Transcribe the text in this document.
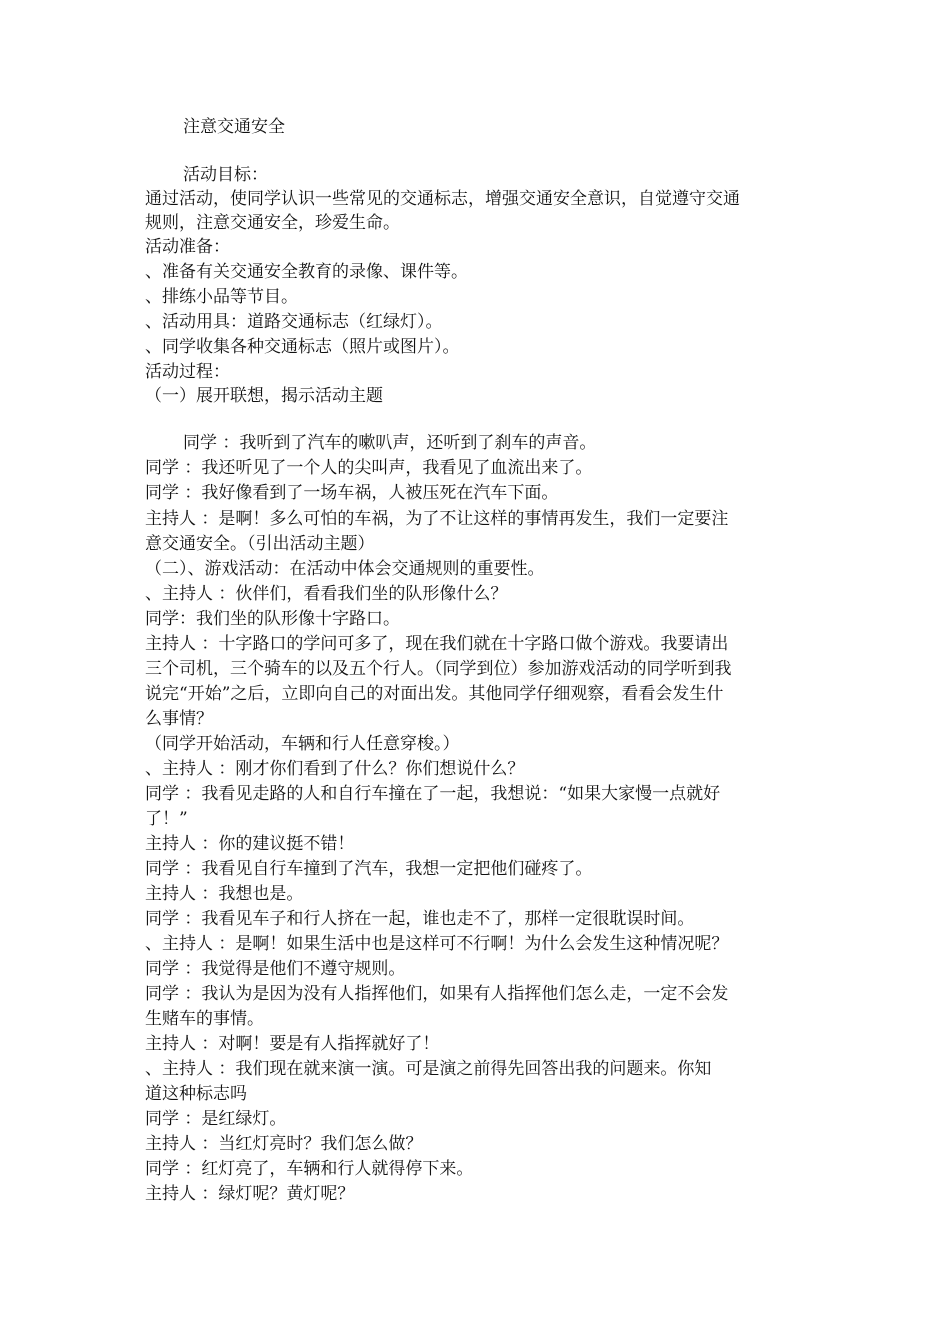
注意交通安全
活动目标：
通过活动，使同学认识一些常见的交通标志，增强交通安全意识，自觉遵守交通
规则，注意交通安全，珍爱生命。
活动准备：
、准备有关交通安全教育的录像、课件等。
、排练小品等节目。
、活动用具：道路交通标志（红绿灯）。
、同学收集各种交通标志（照片或图片）。
活动过程：
（一）展开联想，揭示活动主题
同学 ：我听到了汽车的嗽叭声，还听到了刹车的声音。
同学 ：我还听见了一个人的尖叫声，我看见了血流出来了。
同学 ：我好像看到了一场车祸，人被压死在汽车下面。
主持人 ：是啊！多么可怕的车祸，为了不让这样的事情再发生，我们一定要注
意交通安全。（引出活动主题）
（二）、游戏活动：在活动中体会交通规则的重要性。
、主持人 ：伙伴们，看看我们坐的队形像什么？
同学：我们坐的队形像十字路口。
主持人 ：十字路口的学问可多了，现在我们就在十字路口做个游戏。我要请出
三个司机，三个骑车的以及五个行人。（同学到位）参加游戏活动的同学听到我
说完“开始”之后，立即向自己的对面出发。其他同学仔细观察，看看会发生什
么事情？
（同学开始活动，车辆和行人任意穿梭。）
、主持人 ：刚才你们看到了什么？你们想说什么？
同学 ：我看见走路的人和自行车撞在了一起，我想说：“如果大家慢一点就好
了！”
主持人 ：你的建议挺不错！
同学 ：我看见自行车撞到了汽车，我想一定把他们碰疼了。
主持人 ：我想也是。
同学 ：我看见车子和行人挤在一起，谁也走不了，那样一定很耽误时间。
、主持人 ：是啊！如果生活中也是这样可不行啊！为什么会发生这种情况呢？
同学 ：我觉得是他们不遵守规则。
同学 ：我认为是因为没有人指挥他们，如果有人指挥他们怎么走，一定不会发
生赌车的事情。
主持人 ：对啊！要是有人指挥就好了！
、主持人 ：我们现在就来演一演。可是演之前得先回答出我的问题来。你知
道这种标志吗
同学 ：是红绿灯。
主持人 ：当红灯亮时？我们怎么做？
同学 ：红灯亮了，车辆和行人就得停下来。
主持人 ：绿灯呢？黄灯呢？
